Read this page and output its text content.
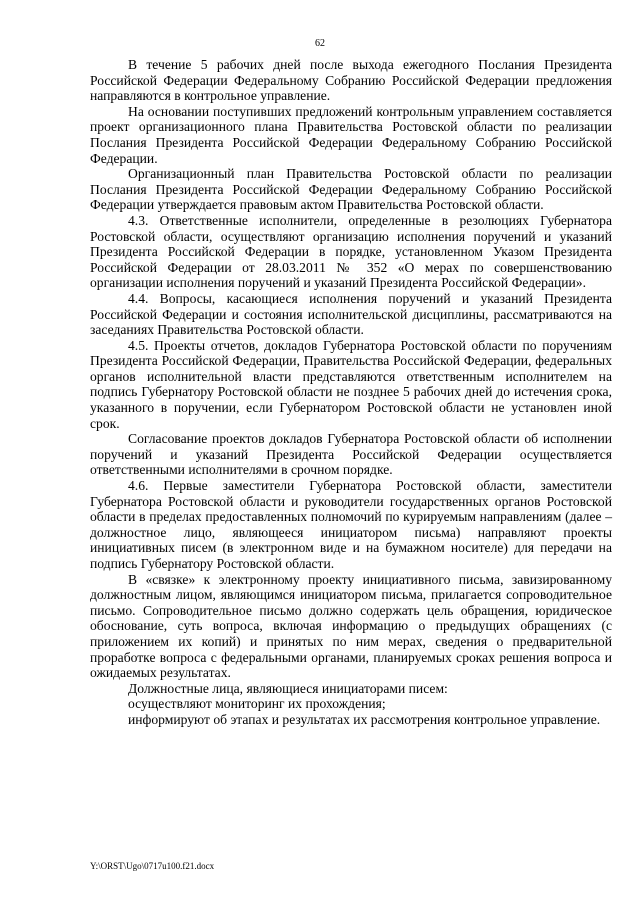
62

В течение 5 рабочих дней после выхода ежегодного Послания Президента Российской Федерации Федеральному Собранию Российской Федерации предложения направляются в контрольное управление.

На основании поступивших предложений контрольным управлением составляется проект организационного плана Правительства Ростовской области по реализации Послания Президента Российской Федерации Федеральному Собранию Российской Федерации.

Организационный план Правительства Ростовской области по реализации Послания Президента Российской Федерации Федеральному Собранию Российской Федерации утверждается правовым актом Правительства Ростовской области.

4.3. Ответственные исполнители, определенные в резолюциях Губернатора Ростовской области, осуществляют организацию исполнения поручений и указаний Президента Российской Федерации в порядке, установленном Указом Президента Российской Федерации от 28.03.2011 № 352 «О мерах по совершенствованию организации исполнения поручений и указаний Президента Российской Федерации».

4.4. Вопросы, касающиеся исполнения поручений и указаний Президента Российской Федерации и состояния исполнительской дисциплины, рассматриваются на заседаниях Правительства Ростовской области.

4.5. Проекты отчетов, докладов Губернатора Ростовской области по поручениям Президента Российской Федерации, Правительства Российской Федерации, федеральных органов исполнительной власти представляются ответственным исполнителем на подпись Губернатору Ростовской области не позднее 5 рабочих дней до истечения срока, указанного в поручении, если Губернатором Ростовской области не установлен иной срок.

Согласование проектов докладов Губернатора Ростовской области об исполнении поручений и указаний Президента Российской Федерации осуществляется ответственными исполнителями в срочном порядке.

4.6. Первые заместители Губернатора Ростовской области, заместители Губернатора Ростовской области и руководители государственных органов Ростовской области в пределах предоставленных полномочий по курируемым направлениям (далее – должностное лицо, являющееся инициатором письма) направляют проекты инициативных писем (в электронном виде и на бумажном носителе) для передачи на подпись Губернатору Ростовской области.

В «связке» к электронному проекту инициативного письма, завизированному должностным лицом, являющимся инициатором письма, прилагается сопроводительное письмо. Сопроводительное письмо должно содержать цель обращения, юридическое обоснование, суть вопроса, включая информацию о предыдущих обращениях (с приложением их копий) и принятых по ним мерах, сведения о предварительной проработке вопроса с федеральными органами, планируемых сроках решения вопроса и ожидаемых результатах.

Должностные лица, являющиеся инициаторами писем:

осуществляют мониторинг их прохождения;

информируют об этапах и результатах их рассмотрения контрольное управление.

Y:\ORST\Ugo\0717u100.f21.docx
